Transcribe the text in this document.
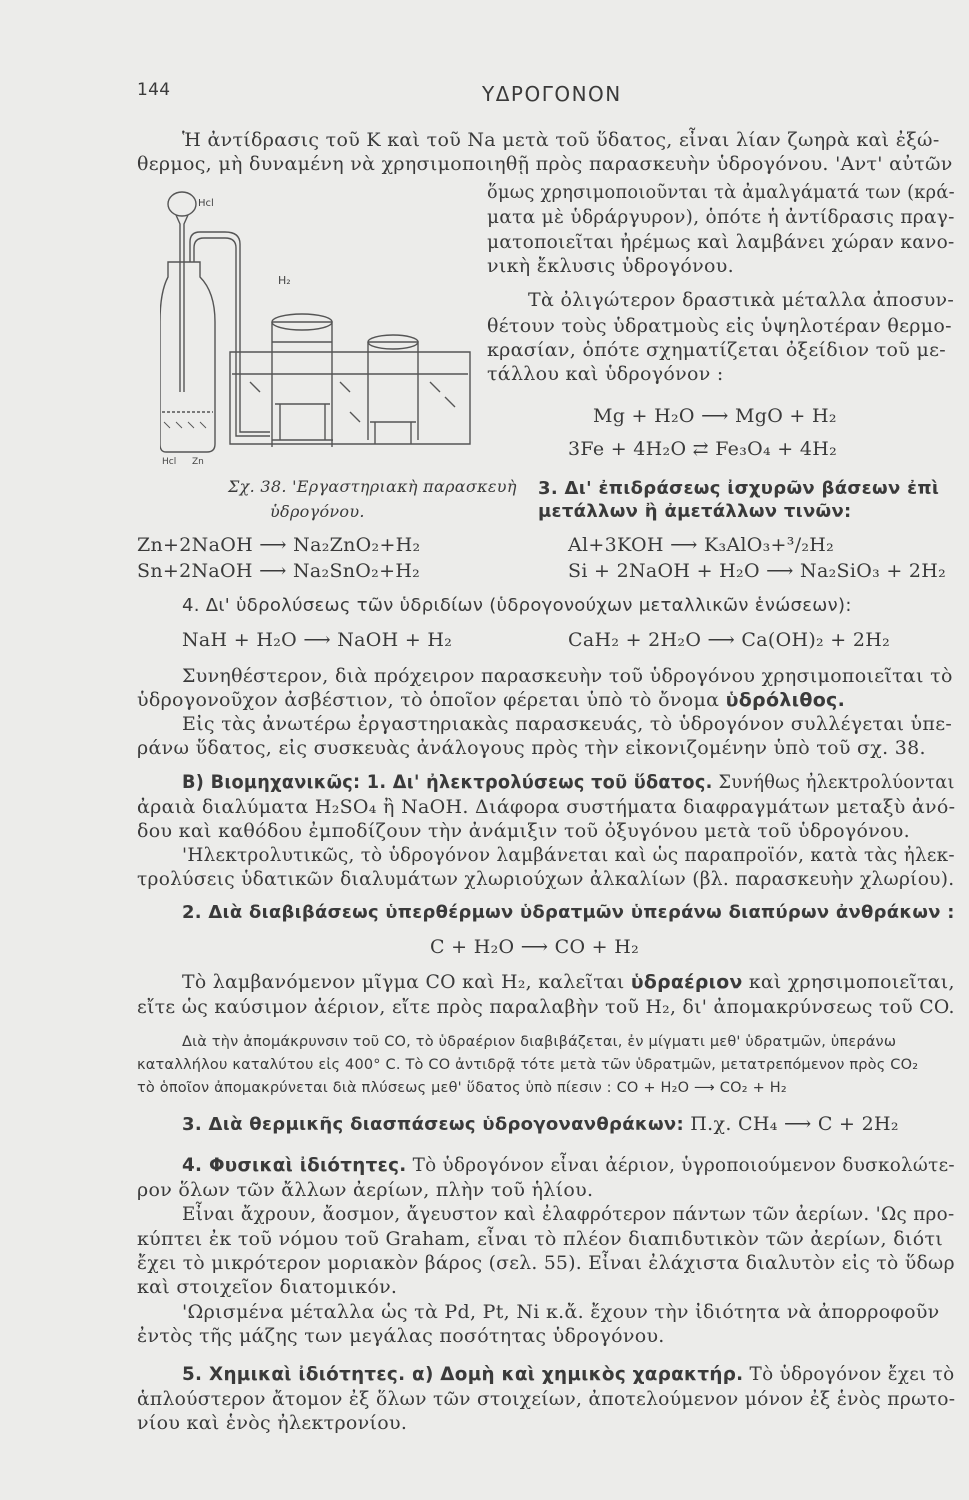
144	ΥΔΡΟΓΟΝΟΝ
Ἡ ἀντίδρασις τοῦ K καὶ τοῦ Na μετὰ τοῦ ὕδατος, εἶναι λίαν ζωηρὰ καὶ ἐξώ-
θερμος, μὴ δυναμένη νὰ χρησιμοποιηθῇ πρὸς παρασκευὴν ὑδρογόνου. 'Αντ' αὐτῶν
ὅμως χρησιμοποιοῦνται τὰ ἀμαλγάματά των (κρά-
ματα μὲ ὑδράργυρον), ὁπότε ἡ ἀντίδρασις πραγ-
ματοποιεῖται ἠρέμως καὶ λαμβάνει χώραν κανο-
νικὴ ἔκλυσις ὑδρογόνου.
Τὰ ὀλιγώτερον δραστικὰ μέταλλα ἀποσυν-
θέτουν τοὺς ὑδρατμοὺς εἰς ὑψηλοτέραν θερμο-
κρασίαν, ὁπότε σχηματίζεται ὀξείδιον τοῦ με-
τάλλου καὶ ὑδρογόνον :
Mg + H₂O ⟶ MgO + H₂
3Fe + 4H₂O ⇄ Fe₃O₄ + 4H₂
Hcl
H₂
Hcl Zn
Σχ. 38. 'Εργαστηριακὴ παρασκευὴ
ὑδρογόνου.
3. Δι' ἐπιδράσεως ἰσχυρῶν βάσεων ἐπὶ
μετάλλων ἢ ἀμετάλλων τινῶν:
Zn+2NaOH ⟶ Na₂ZnO₂+H₂	Al+3KOH ⟶ K₃AlO₃+³/₂H₂
Sn+2NaOH ⟶ Na₂SnO₂+H₂	Si + 2NaOH + H₂O ⟶ Na₂SiO₃ + 2H₂
4. Δι' ὑδρολύσεως τῶν ὑδριδίων (ὑδρογονούχων μεταλλικῶν ἑνώσεων):
NaH + H₂O ⟶ NaOH + H₂	CaH₂ + 2H₂O ⟶ Ca(OH)₂ + 2H₂
Συνηθέστερον, διὰ πρόχειρον παρασκευὴν τοῦ ὑδρογόνου χρησιμοποιεῖται τὸ
ὑδρογονοῦχον ἀσβέστιον, τὸ ὁποῖον φέρεται ὑπὸ τὸ ὄνομα ὑδρόλιθος.
Εἰς τὰς ἀνωτέρω ἐργαστηριακὰς παρασκευάς, τὸ ὑδρογόνον συλλέγεται ὑπε-
ράνω ὕδατος, εἰς συσκευὰς ἀνάλογους πρὸς τὴν εἰκονιζομένην ὑπὸ τοῦ σχ. 38.
B) Βιομηχανικῶς: 1. Δι' ἠλεκτρολύσεως τοῦ ὕδατος. Συνήθως ἠλεκτρολύονται
ἀραιὰ διαλύματα H₂SO₄ ἢ NaOH. Διάφορα συστήματα διαφραγμάτων μεταξὺ ἀνό-
δου καὶ καθόδου ἐμποδίζουν τὴν ἀνάμιξιν τοῦ ὀξυγόνου μετὰ τοῦ ὑδρογόνου.
'Ηλεκτρολυτικῶς, τὸ ὑδρογόνον λαμβάνεται καὶ ὡς παραπροϊόν, κατὰ τὰς ἠλεκ-
τρολύσεις ὑδατικῶν διαλυμάτων χλωριούχων ἀλκαλίων (βλ. παρασκευὴν χλωρίου).
2. Διὰ διαβιβάσεως ὑπερθέρμων ὑδρατμῶν ὑπεράνω διαπύρων ἀνθράκων :
C + H₂O ⟶ CO + H₂
Τὸ λαμβανόμενον μῖγμα CO καὶ H₂, καλεῖται ὑδραέριον καὶ χρησιμοποιεῖται,
εἴτε ὡς καύσιμον ἀέριον, εἴτε πρὸς παραλαβὴν τοῦ H₂, δι' ἀπομακρύνσεως τοῦ CO.
Διὰ τὴν ἀπομάκρυνσιν τοῦ CO, τὸ ὑδραέριον διαβιβάζεται, ἐν μίγματι μεθ' ὑδρατμῶν, ὑπεράνω
καταλλήλου καταλύτου εἰς 400° C. Τὸ CO ἀντιδρᾷ τότε μετὰ τῶν ὑδρατμῶν, μετατρεπόμενον πρὸς CO₂
τὸ ὁποῖον ἀπομακρύνεται διὰ πλύσεως μεθ' ὕδατος ὑπὸ πίεσιν : CO + H₂O ⟶ CO₂ + H₂
3. Διὰ θερμικῆς διασπάσεως ὑδρογονανθράκων: Π.χ. CH₄ ⟶ C + 2H₂
4. Φυσικαὶ ἰδιότητες. Τὸ ὑδρογόνον εἶναι ἀέριον, ὑγροποιούμενον δυσκολώτε-
ρον ὅλων τῶν ἄλλων ἀερίων, πλὴν τοῦ ἡλίου.
Εἶναι ἄχρουν, ἄοσμον, ἄγευστον καὶ ἐλαφρότερον πάντων τῶν ἀερίων. 'Ως προ-
κύπτει ἐκ τοῦ νόμου τοῦ Graham, εἶναι τὸ πλέον διαπιδυτικὸν τῶν ἀερίων, διότι
ἔχει τὸ μικρότερον μοριακὸν βάρος (σελ. 55). Εἶναι ἐλάχιστα διαλυτὸν εἰς τὸ ὕδωρ
καὶ στοιχεῖον διατομικόν.
'Ωρισμένα μέταλλα ὡς τὰ Pd, Pt, Ni κ.ἄ. ἔχουν τὴν ἰδιότητα νὰ ἀπορροφοῦν
ἐντὸς τῆς μάζης των μεγάλας ποσότητας ὑδρογόνου.
5. Χημικαὶ ἰδιότητες. α) Δομὴ καὶ χημικὸς χαρακτήρ. Τὸ ὑδρογόνον ἔχει τὸ
ἁπλούστερον ἄτομον ἐξ ὅλων τῶν στοιχείων, ἀποτελούμενον μόνον ἐξ ἑνὸς πρωτο-
νίου καὶ ἑνὸς ἠλεκτρονίου.
